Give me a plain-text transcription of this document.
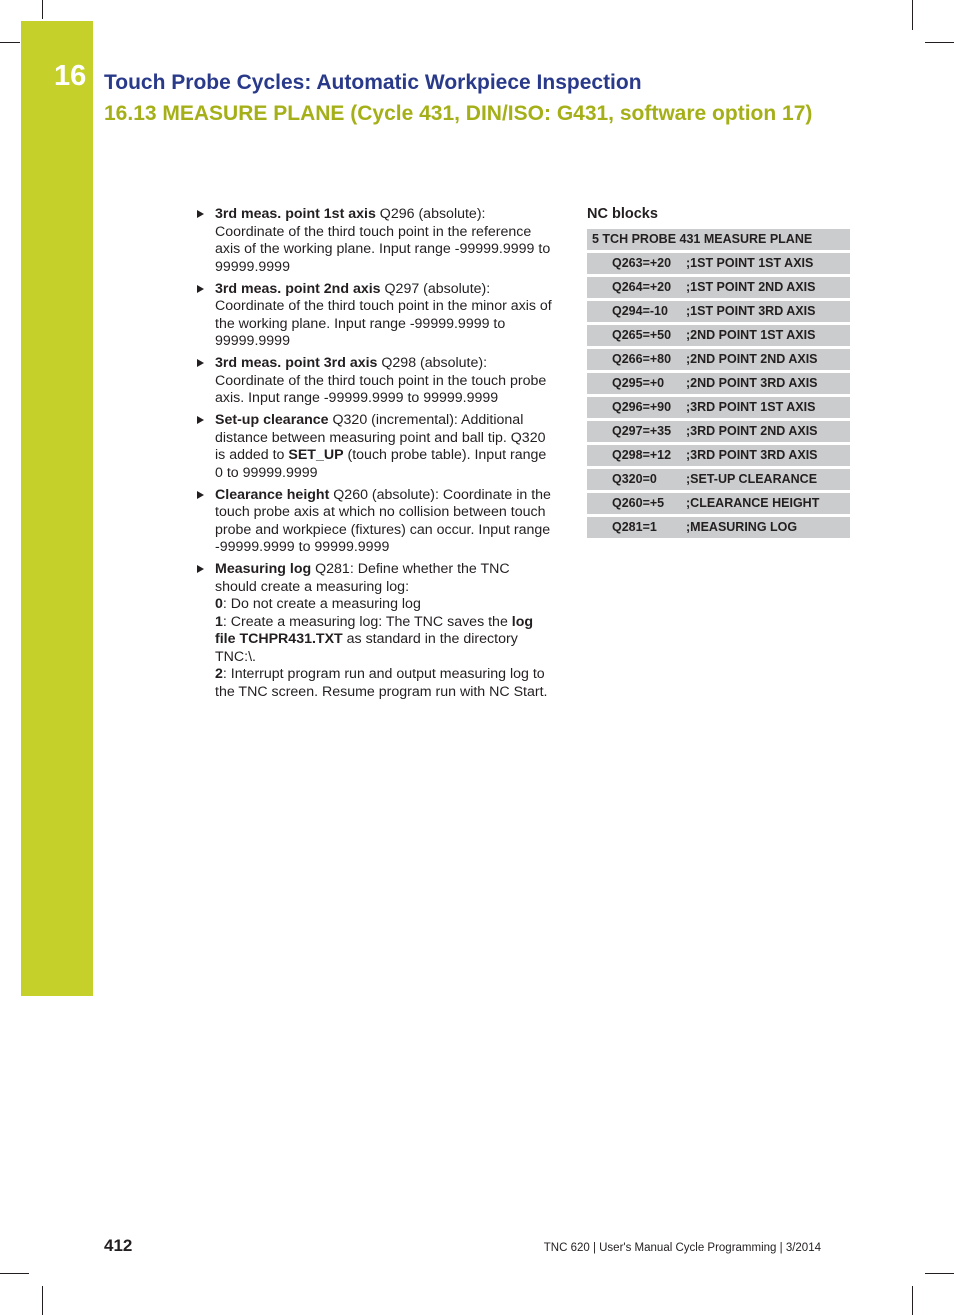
16 Touch Probe Cycles: Automatic Workpiece Inspection
16.13 MEASURE PLANE (Cycle 431, DIN/ISO: G431, software option 17)
3rd meas. point 1st axis Q296 (absolute): Coordinate of the third touch point in the reference axis of the working plane. Input range -99999.9999 to 99999.9999
3rd meas. point 2nd axis Q297 (absolute): Coordinate of the third touch point in the minor axis of the working plane. Input range -99999.9999 to 99999.9999
3rd meas. point 3rd axis Q298 (absolute): Coordinate of the third touch point in the touch probe axis. Input range -99999.9999 to 99999.9999
Set-up clearance Q320 (incremental): Additional distance between measuring point and ball tip. Q320 is added to SET_UP (touch probe table). Input range 0 to 99999.9999
Clearance height Q260 (absolute): Coordinate in the touch probe axis at which no collision between touch probe and workpiece (fixtures) can occur. Input range -99999.9999 to 99999.9999
Measuring log Q281: Define whether the TNC should create a measuring log:
0: Do not create a measuring log
1: Create a measuring log: The TNC saves the log file TCHPR431.TXT as standard in the directory TNC:\.
2: Interrupt program run and output measuring log to the TNC screen. Resume program run with NC Start.
NC blocks
5 TCH PROBE 431 MEASURE PLANE
Q263=+20 ;1ST POINT 1ST AXIS
Q264=+20 ;1ST POINT 2ND AXIS
Q294=-10 ;1ST POINT 3RD AXIS
Q265=+50 ;2ND POINT 1ST AXIS
Q266=+80 ;2ND POINT 2ND AXIS
Q295=+0 ;2ND POINT 3RD AXIS
Q296=+90 ;3RD POINT 1ST AXIS
Q297=+35 ;3RD POINT 2ND AXIS
Q298=+12 ;3RD POINT 3RD AXIS
Q320=0 ;SET-UP CLEARANCE
Q260=+5 ;CLEARANCE HEIGHT
Q281=1 ;MEASURING LOG
412	TNC 620 | User's Manual Cycle Programming | 3/2014
